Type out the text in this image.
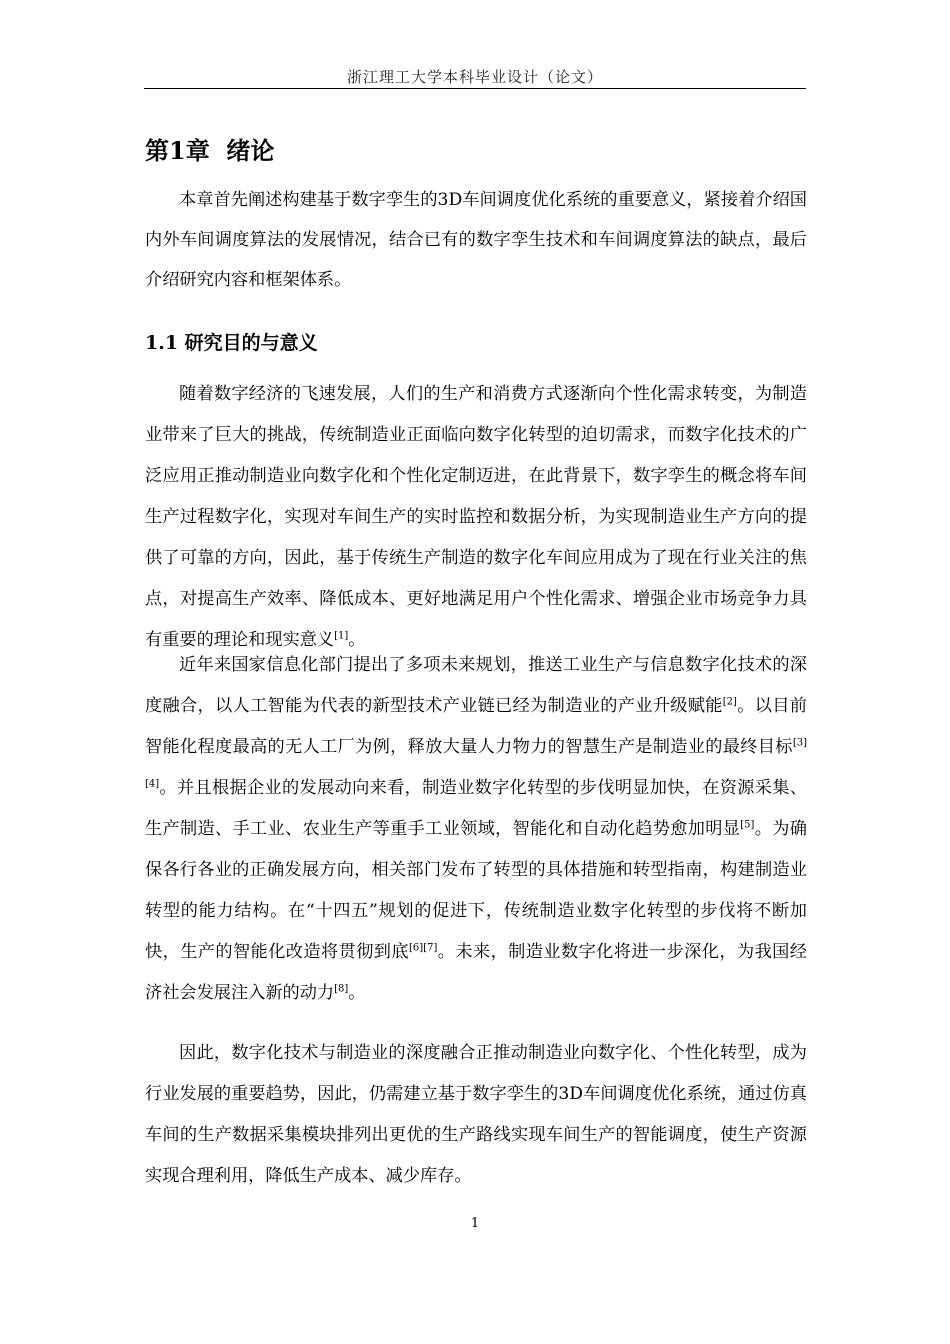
浙江理工大学本科毕业设计（论文）
第1章  绪论

本章首先阐述构建基于数字孪生的3D车间调度优化系统的重要意义，紧接着介绍国内外车间调度算法的发展情况，结合已有的数字孪生技术和车间调度算法的缺点，最后介绍研究内容和框架体系。

1.1 研究目的与意义

随着数字经济的飞速发展，人们的生产和消费方式逐渐向个性化需求转变，为制造业带来了巨大的挑战，传统制造业正面临向数字化转型的迫切需求，而数字化技术的广泛应用正推动制造业向数字化和个性化定制迈进，在此背景下，数字孪生的概念将车间生产过程数字化，实现对车间生产的实时监控和数据分析，为实现制造业生产方向的提供了可靠的方向，因此，基于传统生产制造的数字化车间应用成为了现在行业关注的焦点，对提高生产效率、降低成本、更好地满足用户个性化需求、增强企业市场竞争力具有重要的理论和现实意义[1]。

近年来国家信息化部门提出了多项未来规划，推送工业生产与信息数字化技术的深度融合，以人工智能为代表的新型技术产业链已经为制造业的产业升级赋能[2]。以目前智能化程度最高的无人工厂为例，释放大量人力物力的智慧生产是制造业的最终目标[3][4]。并且根据企业的发展动向来看，制造业数字化转型的步伐明显加快，在资源采集、生产制造、手工业、农业生产等重手工业领域，智能化和自动化趋势愈加明显[5]。为确保各行各业的正确发展方向，相关部门发布了转型的具体措施和转型指南，构建制造业转型的能力结构。在“十四五”规划的促进下，传统制造业数字化转型的步伐将不断加快，生产的智能化改造将贯彻到底[6][7]。未来，制造业数字化将进一步深化，为我国经济社会发展注入新的动力[8]。

因此，数字化技术与制造业的深度融合正推动制造业向数字化、个性化转型，成为行业发展的重要趋势，因此，仍需建立基于数字孪生的3D车间调度优化系统，通过仿真车间的生产数据采集模块排列出更优的生产路线实现车间生产的智能调度，使生产资源实现合理利用，降低生产成本、减少库存。

1
